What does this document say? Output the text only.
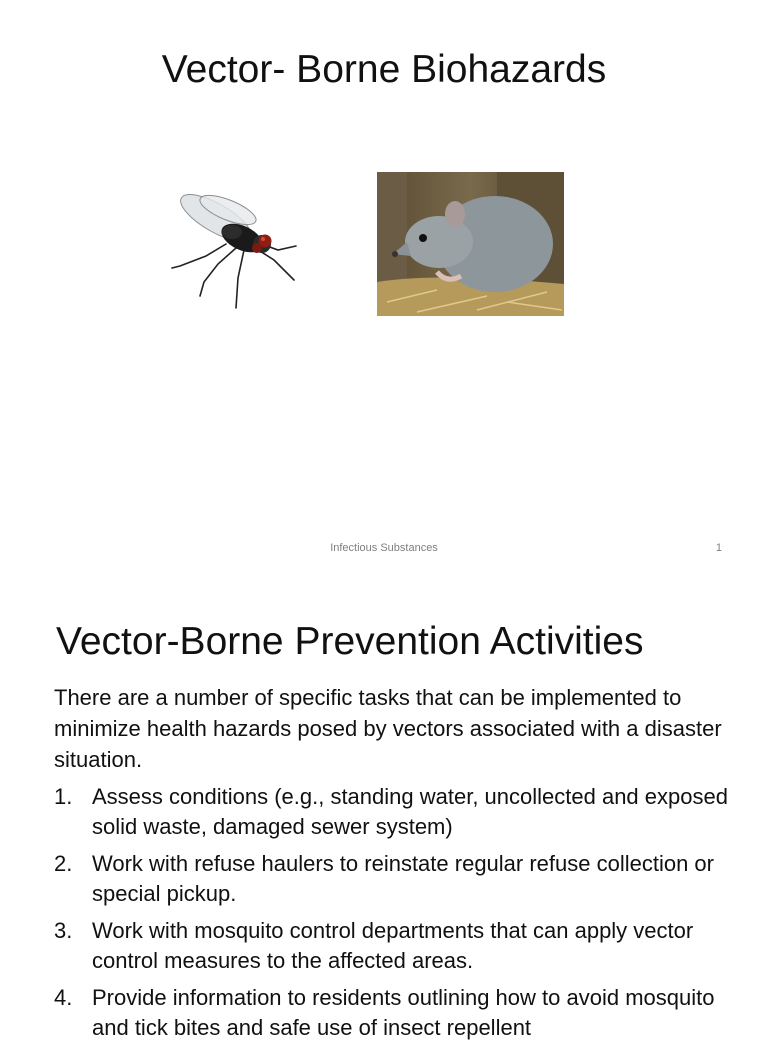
Vector- Borne Biohazards
Infectious Substances	1
Vector-Borne Prevention Activities
There are a number of specific tasks that can be implemented to minimize health hazards posed by vectors associated with a disaster situation.
1. Assess conditions (e.g., standing water, uncollected and exposed solid waste, damaged sewer system)
2. Work with refuse haulers to reinstate regular refuse collection or special pickup.
3. Work with mosquito control departments that can apply vector control measures to the affected areas.
4. Provide information to residents outlining how to avoid mosquito and tick bites and safe use of insect repellent
